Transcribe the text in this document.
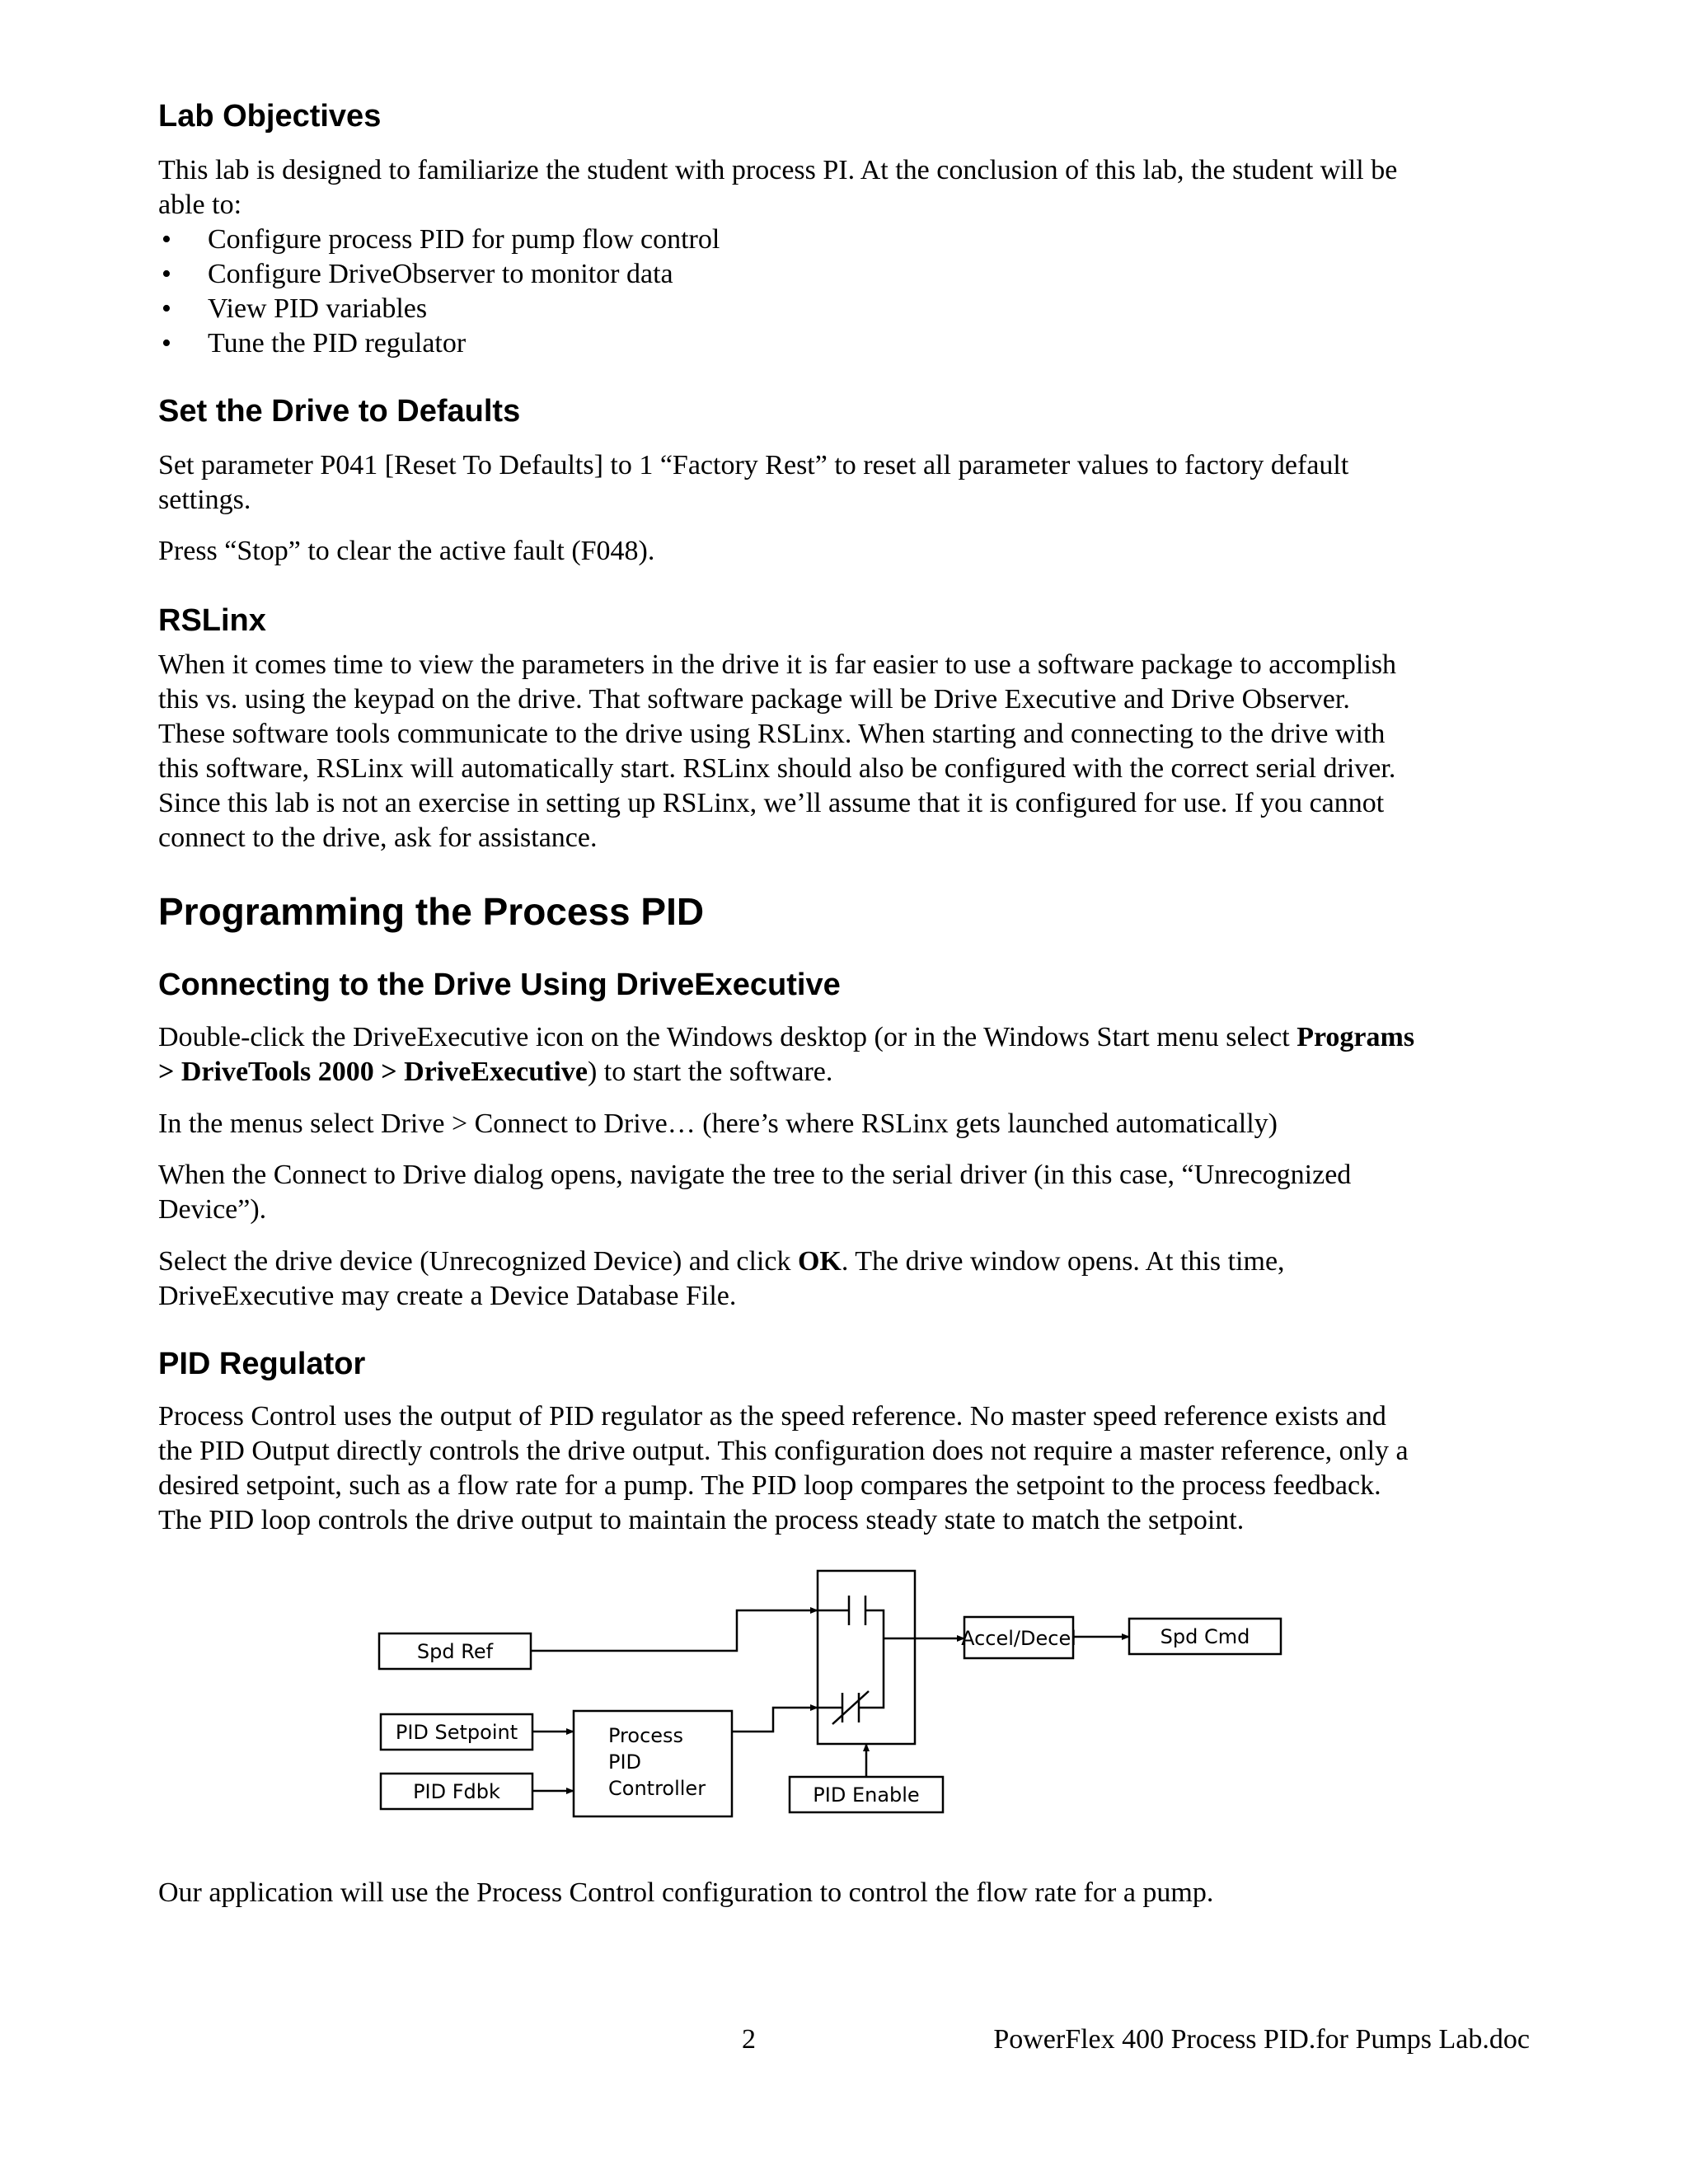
Lab Objectives

This lab is designed to familiarize the student with process PI. At the conclusion of this lab, the student will be

able to:

• Configure process PID for pump flow control
• Configure DriveObserver to monitor data
• View PID variables
• Tune the PID regulator
Set the Drive to Defaults

Set parameter P041 [Reset To Defaults] to 1 “Factory Rest” to reset all parameter values to factory default

settings.

Press “Stop” to clear the active fault (F048).

RSLinx

When it comes time to view the parameters in the drive it is far easier to use a software package to accomplish

this vs. using the keypad on the drive. That software package will be Drive Executive and Drive Observer.

These software tools communicate to the drive using RSLinx. When starting and connecting to the drive with

this software, RSLinx will automatically start. RSLinx should also be configured with the correct serial driver.

Since this lab is not an exercise in setting up RSLinx, we’ll assume that it is configured for use. If you cannot

connect to the drive, ask for assistance.

Programming the Process PID
Connecting to the Drive Using DriveExecutive

Double-click the DriveExecutive icon on the Windows desktop (or in the Windows Start menu select Programs

> DriveTools 2000 > DriveExecutive) to start the software.

In the menus select Drive > Connect to Drive… (here’s where RSLinx gets launched automatically)

When the Connect to Drive dialog opens, navigate the tree to the serial driver (in this case, “Unrecognized

Device”).

Select the drive device (Unrecognized Device) and click OK. The drive window opens. At this time,

DriveExecutive may create a Device Database File.

PID Regulator

Process Control uses the output of PID regulator as the speed reference. No master speed reference exists and

the PID Output directly controls the drive output. This configuration does not require a master reference, only a

desired setpoint, such as a flow rate for a pump. The PID loop compares the setpoint to the process feedback.

The PID loop controls the drive output to maintain the process steady state to match the setpoint.

Spd Ref
PID Setpoint
PID Fdbk
Process
PID
Controller
Accel/Decel	Spd Cmd
PID Enable

Our application will use the Process Control configuration to control the flow rate for a pump.

2	PowerFlex 400 Process PID.for Pumps Lab.doc
